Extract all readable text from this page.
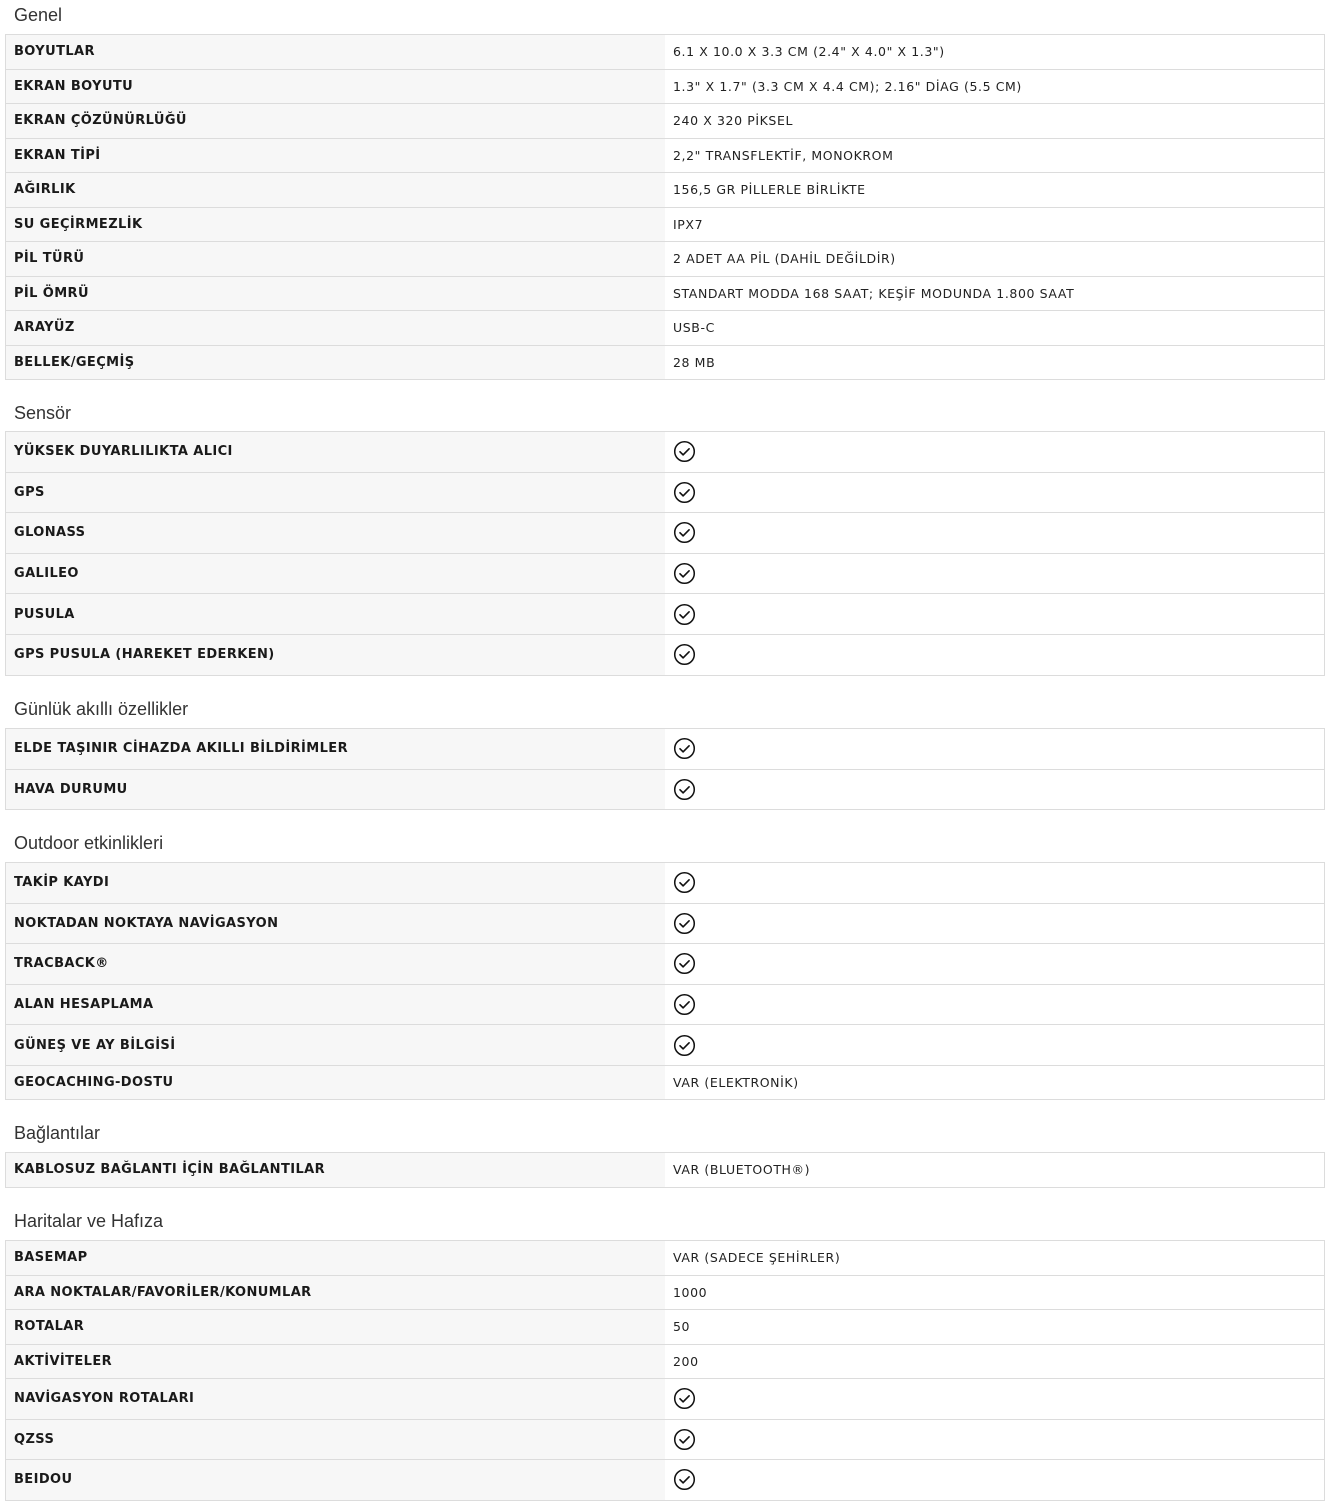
Genel
BOYUTLAR	6.1 X 10.0 X 3.3 CM (2.4" X 4.0" X 1.3")
EKRAN BOYUTU	1.3" X 1.7" (3.3 CM X 4.4 CM); 2.16" DİAG (5.5 CM)
EKRAN ÇÖZÜNÜRLÜĞÜ	240 X 320 PİKSEL
EKRAN TİPİ	2,2" TRANSFLEKTİF, MONOKROM
AĞIRLIK	156,5 GR PİLLERLE BİRLİKTE
SU GEÇİRMEZLİK	IPX7
PİL TÜRÜ	2 ADET AA PİL (DAHİL DEĞİLDİR)
PİL ÖMRÜ	STANDART MODDA 168 SAAT; KEŞİF MODUNDA 1.800 SAAT
ARAYÜZ	USB-C
BELLEK/GEÇMİŞ	28 MB
Sensör
YÜKSEK DUYARLILIKTA ALICI
GPS
GLONASS
GALILEO
PUSULA
GPS PUSULA (HAREKET EDERKEN)
Günlük akıllı özellikler
ELDE TAŞINIR CİHAZDA AKILLI BİLDİRİMLER
HAVA DURUMU
Outdoor etkinlikleri
TAKİP KAYDI
NOKTADAN NOKTAYA NAVİGASYON
TRACBACK®
ALAN HESAPLAMA
GÜNEŞ VE AY BİLGİSİ
GEOCACHING-DOSTU	VAR (ELEKTRONİK)
Bağlantılar
KABLOSUZ BAĞLANTI İÇİN BAĞLANTILAR	VAR (BLUETOOTH®)
Haritalar ve Hafıza
BASEMAP	VAR (SADECE ŞEHİRLER)
ARA NOKTALAR/FAVORİLER/KONUMLAR	1000
ROTALAR	50
AKTİVİTELER	200
NAVİGASYON ROTALARI
QZSS
BEIDOU
